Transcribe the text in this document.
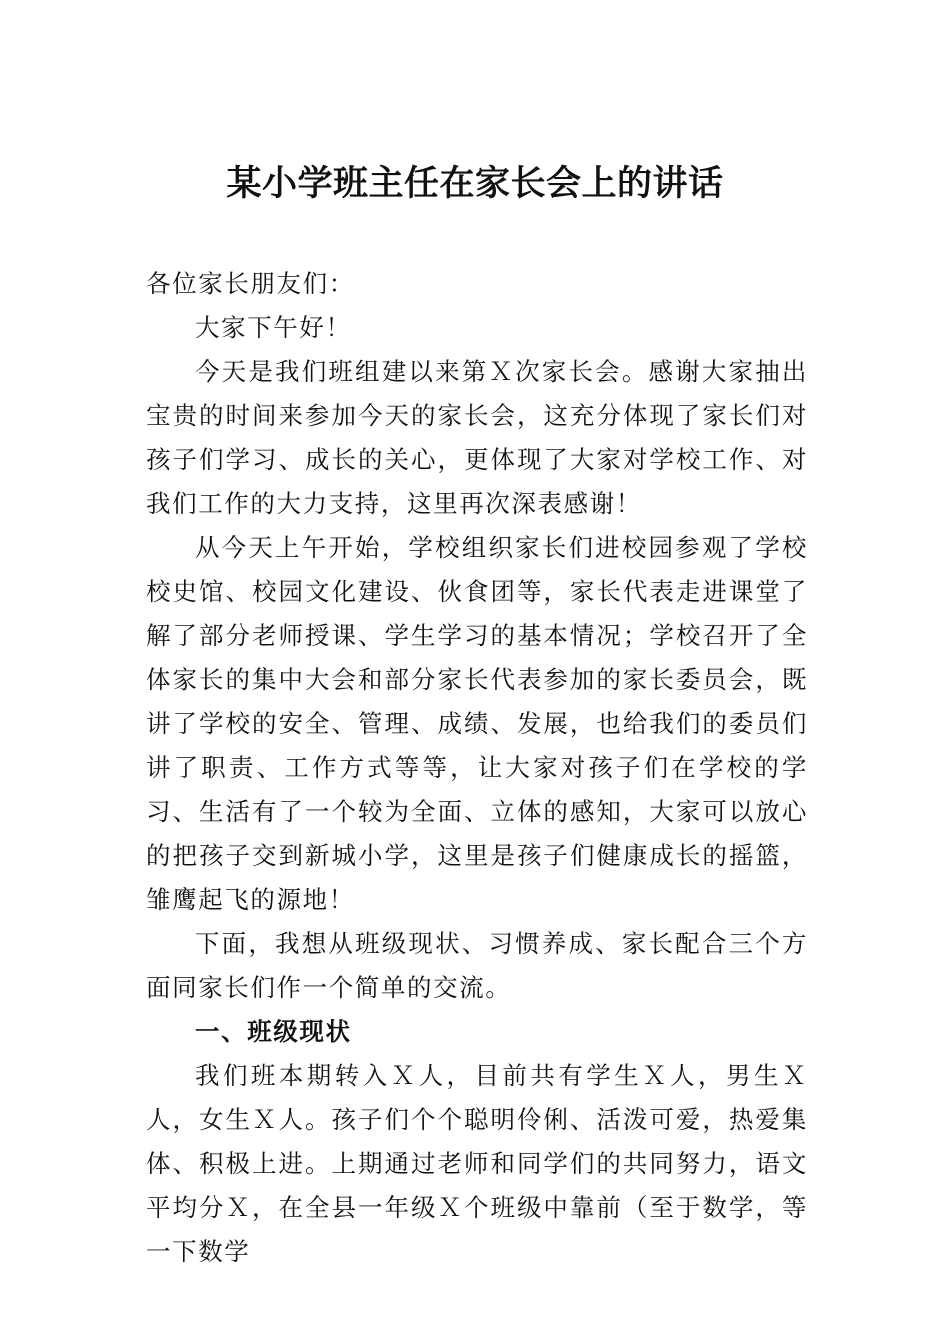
某小学班主任在家长会上的讲话

各位家长朋友们：

大家下午好！

今天是我们班组建以来第Ｘ次家长会。感谢大家抽出宝贵的时间来参加今天的家长会，这充分体现了家长们对孩子们学习、成长的关心，更体现了大家对学校工作、对我们工作的大力支持，这里再次深表感谢！

从今天上午开始，学校组织家长们进校园参观了学校校史馆、校园文化建设、伙食团等，家长代表走进课堂了解了部分老师授课、学生学习的基本情况；学校召开了全体家长的集中大会和部分家长代表参加的家长委员会，既讲了学校的安全、管理、成绩、发展，也给我们的委员们讲了职责、工作方式等等，让大家对孩子们在学校的学习、生活有了一个较为全面、立体的感知，大家可以放心的把孩子交到新城小学，这里是孩子们健康成长的摇篮，雏鹰起飞的源地！

下面，我想从班级现状、习惯养成、家长配合三个方面同家长们作一个简单的交流。

一、班级现状

我们班本期转入Ｘ人，目前共有学生Ｘ人，男生Ｘ人，女生Ｘ人。孩子们个个聪明伶俐、活泼可爱，热爱集体、积极上进。上期通过老师和同学们的共同努力，语文平均分Ｘ，在全县一年级Ｘ个班级中靠前（至于数学，等一下数学
